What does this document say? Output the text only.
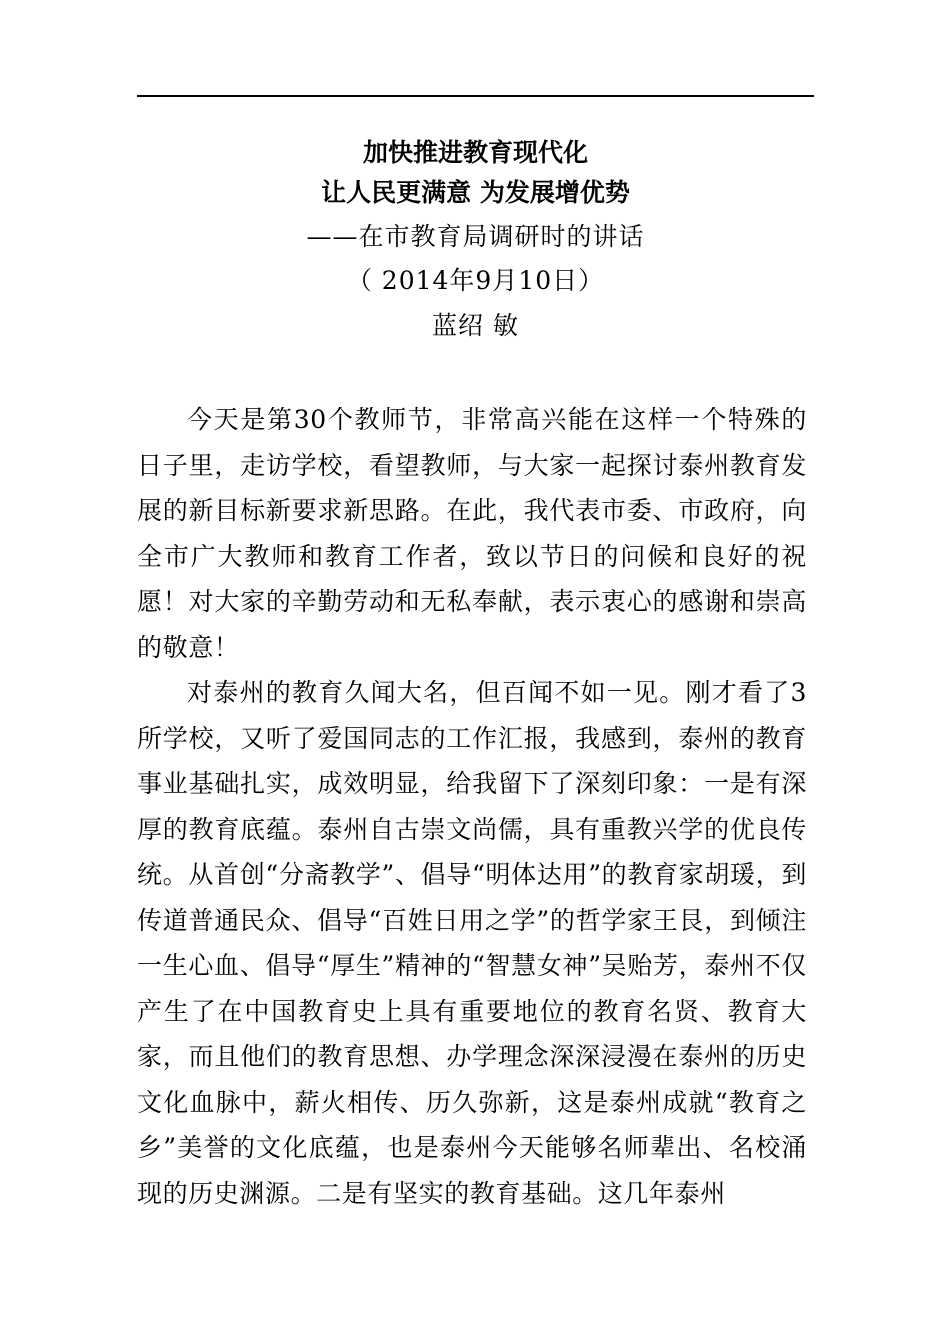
加快推进教育现代化
让人民更满意 为发展增优势
——在市教育局调研时的讲话
（ 2014年9月10日）
蓝绍 敏

今天是第30个教师节，非常高兴能在这样一个特殊的日子里，走访学校，看望教师，与大家一起探讨泰州教育发展的新目标新要求新思路。在此，我代表市委、市政府，向全市广大教师和教育工作者，致以节日的问候和良好的祝愿！对大家的辛勤劳动和无私奉献，表示衷心的感谢和崇高的敬意！

对泰州的教育久闻大名，但百闻不如一见。刚才看了3所学校，又听了爱国同志的工作汇报，我感到，泰州的教育事业基础扎实，成效明显，给我留下了深刻印象：一是有深厚的教育底蕴。泰州自古崇文尚儒，具有重教兴学的优良传统。从首创“分斋教学”、倡导“明体达用”的教育家胡瑗，到传道普通民众、倡导“百姓日用之学”的哲学家王艮，到倾注一生心血、倡导“厚生”精神的“智慧女神”吴贻芳，泰州不仅产生了在中国教育史上具有重要地位的教育名贤、教育大家，而且他们的教育思想、办学理念深深浸漫在泰州的历史文化血脉中，薪火相传、历久弥新，这是泰州成就“教育之乡”美誉的文化底蕴，也是泰州今天能够名师辈出、名校涌现的历史渊源。二是有坚实的教育基础。这几年泰州
